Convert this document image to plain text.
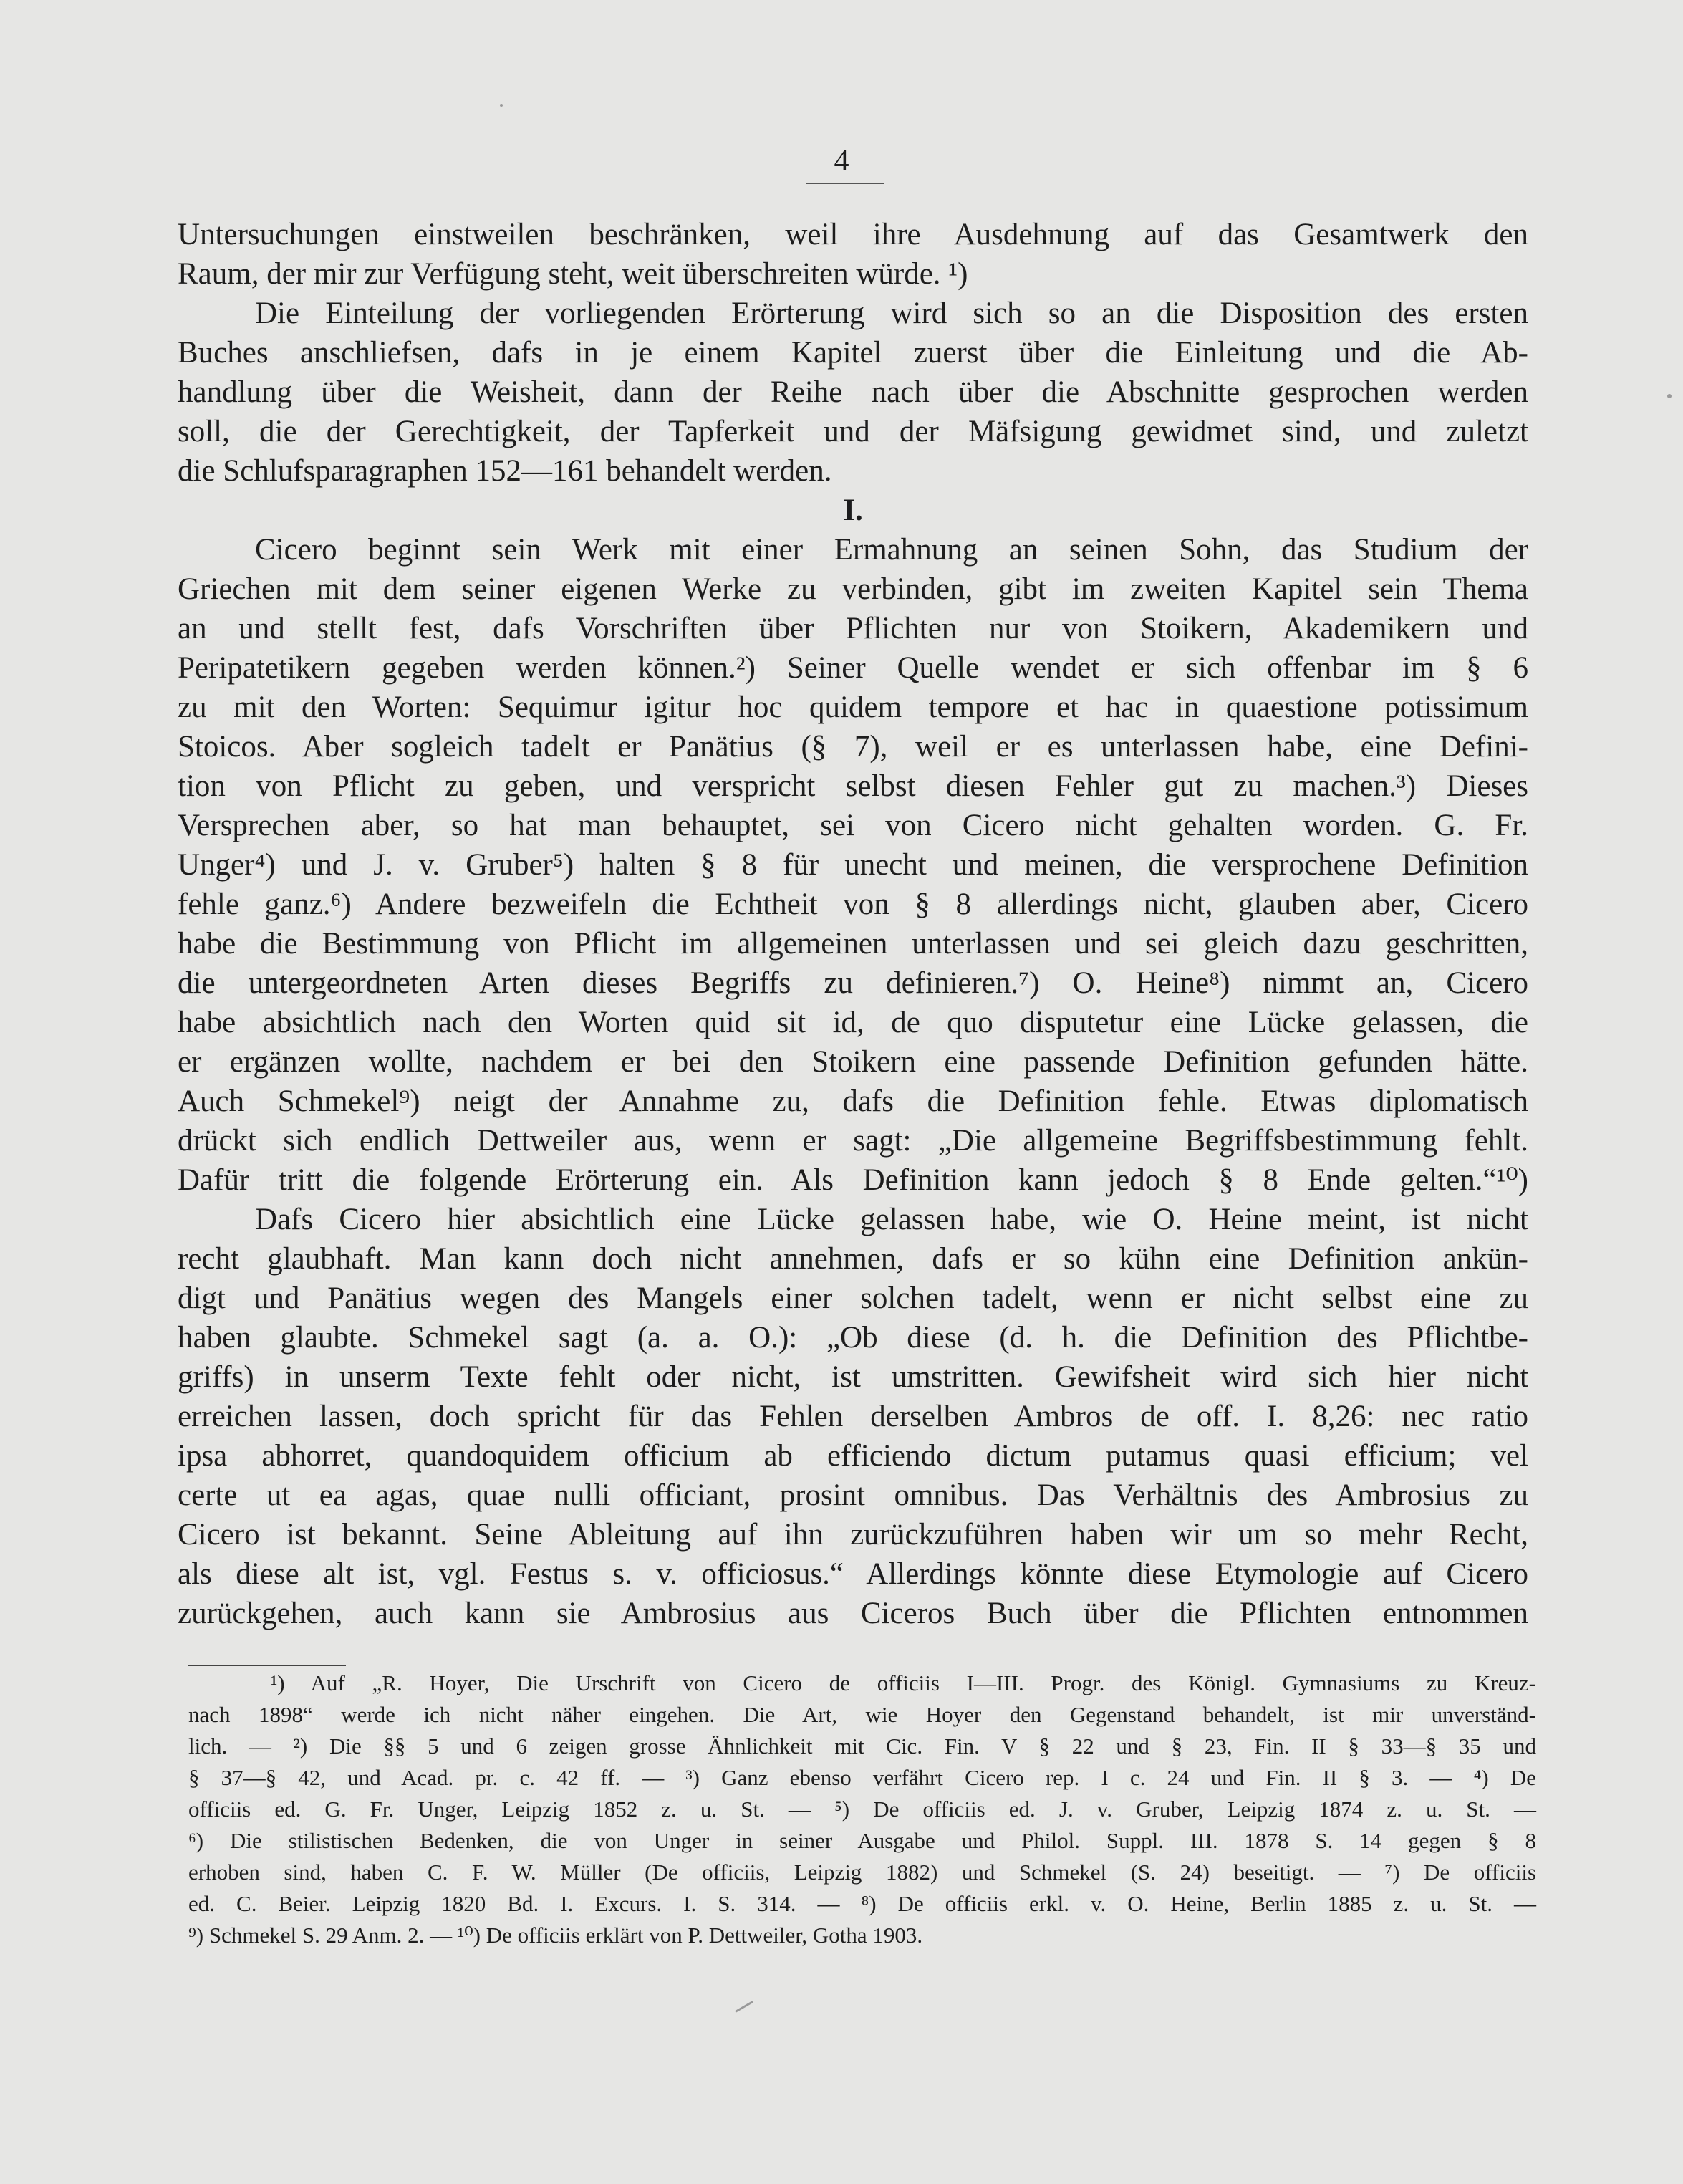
4
Untersuchungen einstweilen beschränken, weil ihre Ausdehnung auf das Gesamtwerk den
Raum, der mir zur Verfügung steht, weit überschreiten würde. ¹)
Die Einteilung der vorliegenden Erörterung wird sich so an die Disposition des ersten
Buches anschliefsen, dafs in je einem Kapitel zuerst über die Einleitung und die Ab-
handlung über die Weisheit, dann der Reihe nach über die Abschnitte gesprochen werden
soll, die der Gerechtigkeit, der Tapferkeit und der Mäfsigung gewidmet sind, und zuletzt
die Schlufsparagraphen 152—161 behandelt werden.
I.
Cicero beginnt sein Werk mit einer Ermahnung an seinen Sohn, das Studium der
Griechen mit dem seiner eigenen Werke zu verbinden, gibt im zweiten Kapitel sein Thema
an und stellt fest, dafs Vorschriften über Pflichten nur von Stoikern, Akademikern und
Peripatetikern gegeben werden können.²) Seiner Quelle wendet er sich offenbar im § 6
zu mit den Worten: Sequimur igitur hoc quidem tempore et hac in quaestione potissimum
Stoicos. Aber sogleich tadelt er Panätius (§ 7), weil er es unterlassen habe, eine Defini-
tion von Pflicht zu geben, und verspricht selbst diesen Fehler gut zu machen.³) Dieses
Versprechen aber, so hat man behauptet, sei von Cicero nicht gehalten worden. G. Fr.
Unger⁴) und J. v. Gruber⁵) halten § 8 für unecht und meinen, die versprochene Definition
fehle ganz.⁶) Andere bezweifeln die Echtheit von § 8 allerdings nicht, glauben aber, Cicero
habe die Bestimmung von Pflicht im allgemeinen unterlassen und sei gleich dazu geschritten,
die untergeordneten Arten dieses Begriffs zu definieren.⁷) O. Heine⁸) nimmt an, Cicero
habe absichtlich nach den Worten quid sit id, de quo disputetur eine Lücke gelassen, die
er ergänzen wollte, nachdem er bei den Stoikern eine passende Definition gefunden hätte.
Auch Schmekel⁹) neigt der Annahme zu, dafs die Definition fehle. Etwas diplomatisch
drückt sich endlich Dettweiler aus, wenn er sagt: „Die allgemeine Begriffsbestimmung fehlt.
Dafür tritt die folgende Erörterung ein. Als Definition kann jedoch § 8 Ende gelten.“¹⁰)
Dafs Cicero hier absichtlich eine Lücke gelassen habe, wie O. Heine meint, ist nicht
recht glaubhaft. Man kann doch nicht annehmen, dafs er so kühn eine Definition ankün-
digt und Panätius wegen des Mangels einer solchen tadelt, wenn er nicht selbst eine zu
haben glaubte. Schmekel sagt (a. a. O.): „Ob diese (d. h. die Definition des Pflichtbe-
griffs) in unserm Texte fehlt oder nicht, ist umstritten. Gewifsheit wird sich hier nicht
erreichen lassen, doch spricht für das Fehlen derselben Ambros de off. I. 8,26: nec ratio
ipsa abhorret, quandoquidem officium ab efficiendo dictum putamus quasi efficium; vel
certe ut ea agas, quae nulli officiant, prosint omnibus. Das Verhältnis des Ambrosius zu
Cicero ist bekannt. Seine Ableitung auf ihn zurückzuführen haben wir um so mehr Recht,
als diese alt ist, vgl. Festus s. v. officiosus.“ Allerdings könnte diese Etymologie auf Cicero
zurückgehen, auch kann sie Ambrosius aus Ciceros Buch über die Pflichten entnommen
¹) Auf „R. Hoyer, Die Urschrift von Cicero de officiis I—III. Progr. des Königl. Gymnasiums zu Kreuz-
nach 1898“ werde ich nicht näher eingehen. Die Art, wie Hoyer den Gegenstand behandelt, ist mir unverständ-
lich. — ²) Die §§ 5 und 6 zeigen grosse Ähnlichkeit mit Cic. Fin. V § 22 und § 23, Fin. II § 33—§ 35 und
§ 37—§ 42, und Acad. pr. c. 42 ff. — ³) Ganz ebenso verfährt Cicero rep. I c. 24 und Fin. II § 3. — ⁴) De
officiis ed. G. Fr. Unger, Leipzig 1852 z. u. St. — ⁵) De officiis ed. J. v. Gruber, Leipzig 1874 z. u. St. —
⁶) Die stilistischen Bedenken, die von Unger in seiner Ausgabe und Philol. Suppl. III. 1878 S. 14 gegen § 8
erhoben sind, haben C. F. W. Müller (De officiis, Leipzig 1882) und Schmekel (S. 24) beseitigt. — ⁷) De officiis
ed. C. Beier. Leipzig 1820 Bd. I. Excurs. I. S. 314. — ⁸) De officiis erkl. v. O. Heine, Berlin 1885 z. u. St. —
⁹) Schmekel S. 29 Anm. 2. — ¹⁰) De officiis erklärt von P. Dettweiler, Gotha 1903.
